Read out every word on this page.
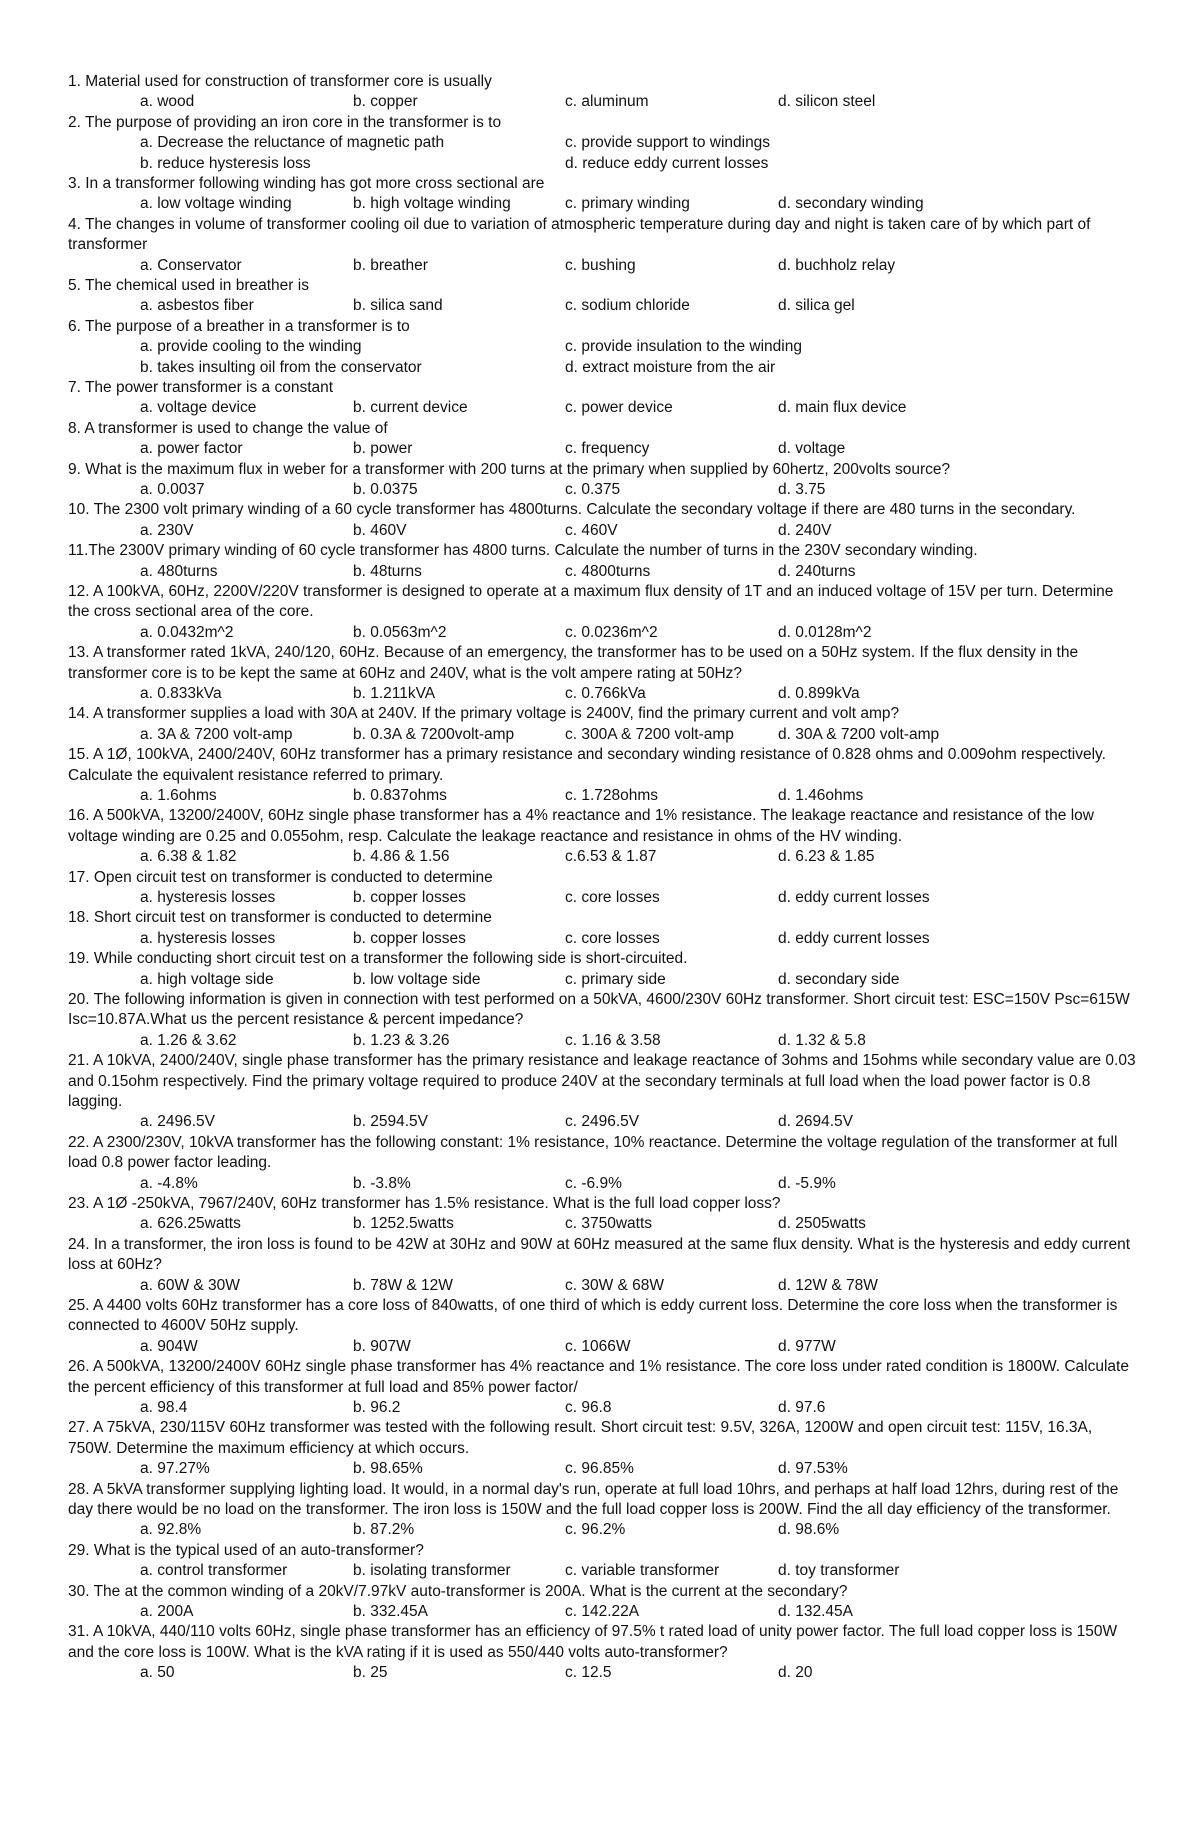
1. Material used for construction of transformer core is usually
a. wood	b. copper	c. aluminum	d. silicon steel
2. The purpose of providing an iron core in the transformer is to
a. Decrease the reluctance of magnetic path	c. provide support to windings
b. reduce hysteresis loss	d. reduce eddy current losses
3. In a transformer following winding has got more cross sectional are
a. low voltage winding	b. high voltage winding	c. primary winding	d. secondary winding
4. The changes in volume of transformer cooling oil due to variation of atmospheric temperature during day and night is taken care of by which part of transformer
a. Conservator	b. breather	c. bushing	d. buchholz relay
5. The chemical used in breather is
a. asbestos fiber	b. silica sand	c. sodium chloride	d. silica gel
6. The purpose of a breather in a transformer is to
a. provide cooling to the winding	c. provide insulation to the winding
b. takes insulting oil from the conservator	d. extract moisture from the air
7. The power transformer is a constant
a. voltage device	b. current device	c. power device	d. main flux device
8. A transformer is used to change the value of
a. power factor	b. power	c. frequency	d. voltage
9. What is the maximum flux in weber for a transformer with 200 turns at the primary when supplied by 60hertz, 200volts source?
a. 0.0037	b. 0.0375	c. 0.375	d. 3.75
10. The 2300 volt primary winding of a 60 cycle transformer has 4800turns. Calculate the secondary voltage if there are 480 turns in the secondary.
a. 230V	b. 460V	c. 460V	d. 240V
11.The 2300V primary winding of 60 cycle transformer has 4800 turns. Calculate the number of turns in the 230V secondary winding.
a. 480turns	b. 48turns	c. 4800turns	d. 240turns
12. A 100kVA, 60Hz, 2200V/220V transformer is designed to operate at a maximum flux density of 1T and an induced voltage of 15V per turn. Determine the cross sectional area of the core.
a. 0.0432m^2	b. 0.0563m^2	c. 0.0236m^2	d. 0.0128m^2
13. A transformer rated 1kVA, 240/120, 60Hz. Because of an emergency, the transformer has to be used on a 50Hz system. If the flux density in the transformer core is to be kept the same at 60Hz and 240V, what is the volt ampere rating at 50Hz?
a. 0.833kVa	b. 1.211kVA	c. 0.766kVa	d. 0.899kVa
14. A transformer supplies a load with 30A at 240V. If the primary voltage is 2400V, find the primary current and volt amp?
a. 3A & 7200 volt-amp	b. 0.3A & 7200volt-amp	c. 300A & 7200 volt-amp	d. 30A & 7200 volt-amp
15. A 1Ø, 100kVA, 2400/240V, 60Hz transformer has a primary resistance and secondary winding resistance of 0.828 ohms and 0.009ohm respectively. Calculate the equivalent resistance referred to primary.
a. 1.6ohms	b. 0.837ohms	c. 1.728ohms	d. 1.46ohms
16. A 500kVA, 13200/2400V, 60Hz single phase transformer has a 4% reactance and 1% resistance. The leakage reactance and resistance of the low voltage winding are 0.25 and 0.055ohm, resp. Calculate the leakage reactance and resistance in ohms of the HV winding.
a. 6.38 & 1.82	b. 4.86 & 1.56	c.6.53 & 1.87	d. 6.23 & 1.85
17. Open circuit test on transformer is conducted to determine
a. hysteresis losses	b. copper losses	c. core losses	d. eddy current losses
18. Short circuit test on transformer is conducted to determine
a. hysteresis losses	b. copper losses	c. core losses	d. eddy current losses
19. While conducting short circuit test on a transformer the following side is short-circuited.
a. high voltage side	b. low voltage side	c. primary side	d. secondary side
20. The following information is given in connection with test performed on a 50kVA, 4600/230V 60Hz transformer. Short circuit test: ESC=150V Psc=615W Isc=10.87A.What us the percent resistance & percent impedance?
a. 1.26 & 3.62	b. 1.23 & 3.26	c. 1.16 & 3.58	d. 1.32 & 5.8
21. A 10kVA, 2400/240V, single phase transformer has the primary resistance and leakage reactance of 3ohms and 15ohms while secondary value are 0.03 and 0.15ohm respectively. Find the primary voltage required to produce 240V at the secondary terminals at full load when the load power factor is 0.8 lagging.
a. 2496.5V	b. 2594.5V	c. 2496.5V	d. 2694.5V
22. A 2300/230V, 10kVA transformer has the following constant: 1% resistance, 10% reactance. Determine the voltage regulation of the transformer at full load 0.8 power factor leading.
a. -4.8%	b. -3.8%	c. -6.9%	d. -5.9%
23. A 1Ø -250kVA, 7967/240V, 60Hz transformer has 1.5% resistance. What is the full load copper loss?
a. 626.25watts	b. 1252.5watts	c. 3750watts	d. 2505watts
24. In a transformer, the iron loss is found to be 42W at 30Hz and 90W at 60Hz measured at the same flux density. What is the hysteresis and eddy current loss at 60Hz?
a. 60W & 30W	b. 78W & 12W	c. 30W & 68W	d. 12W & 78W
25. A 4400 volts 60Hz transformer has a core loss of 840watts, of one third of which is eddy current loss. Determine the core loss when the transformer is connected to 4600V 50Hz supply.
a. 904W	b. 907W	c. 1066W	d. 977W
26. A 500kVA, 13200/2400V 60Hz single phase transformer has 4% reactance and 1% resistance. The core loss under rated condition is 1800W. Calculate the percent efficiency of this transformer at full load and 85% power factor/
a. 98.4	b. 96.2	c. 96.8	d. 97.6
27. A 75kVA, 230/115V 60Hz transformer was tested with the following result. Short circuit test: 9.5V, 326A, 1200W and open circuit test: 115V, 16.3A, 750W. Determine the maximum efficiency at which occurs.
a. 97.27%	b. 98.65%	c. 96.85%	d. 97.53%
28. A 5kVA transformer supplying lighting load. It would, in a normal day's run, operate at full load 10hrs, and perhaps at half load 12hrs, during rest of the day there would be no load on the transformer. The iron loss is 150W and the full load copper loss is 200W. Find the all day efficiency of the transformer.
a. 92.8%	b. 87.2%	c. 96.2%	d. 98.6%
29. What is the typical used of an auto-transformer?
a. control transformer	b. isolating transformer	c. variable transformer	d. toy transformer
30. The at the common winding of a 20kV/7.97kV auto-transformer is 200A. What is the current at the secondary?
a. 200A	b. 332.45A	c. 142.22A	d. 132.45A
31. A 10kVA, 440/110 volts 60Hz, single phase transformer has an efficiency of 97.5% t rated load of unity power factor. The full load copper loss is 150W and the core loss is 100W. What is the kVA rating if it is used as 550/440 volts auto-transformer?
a. 50	b. 25	c. 12.5	d. 20
